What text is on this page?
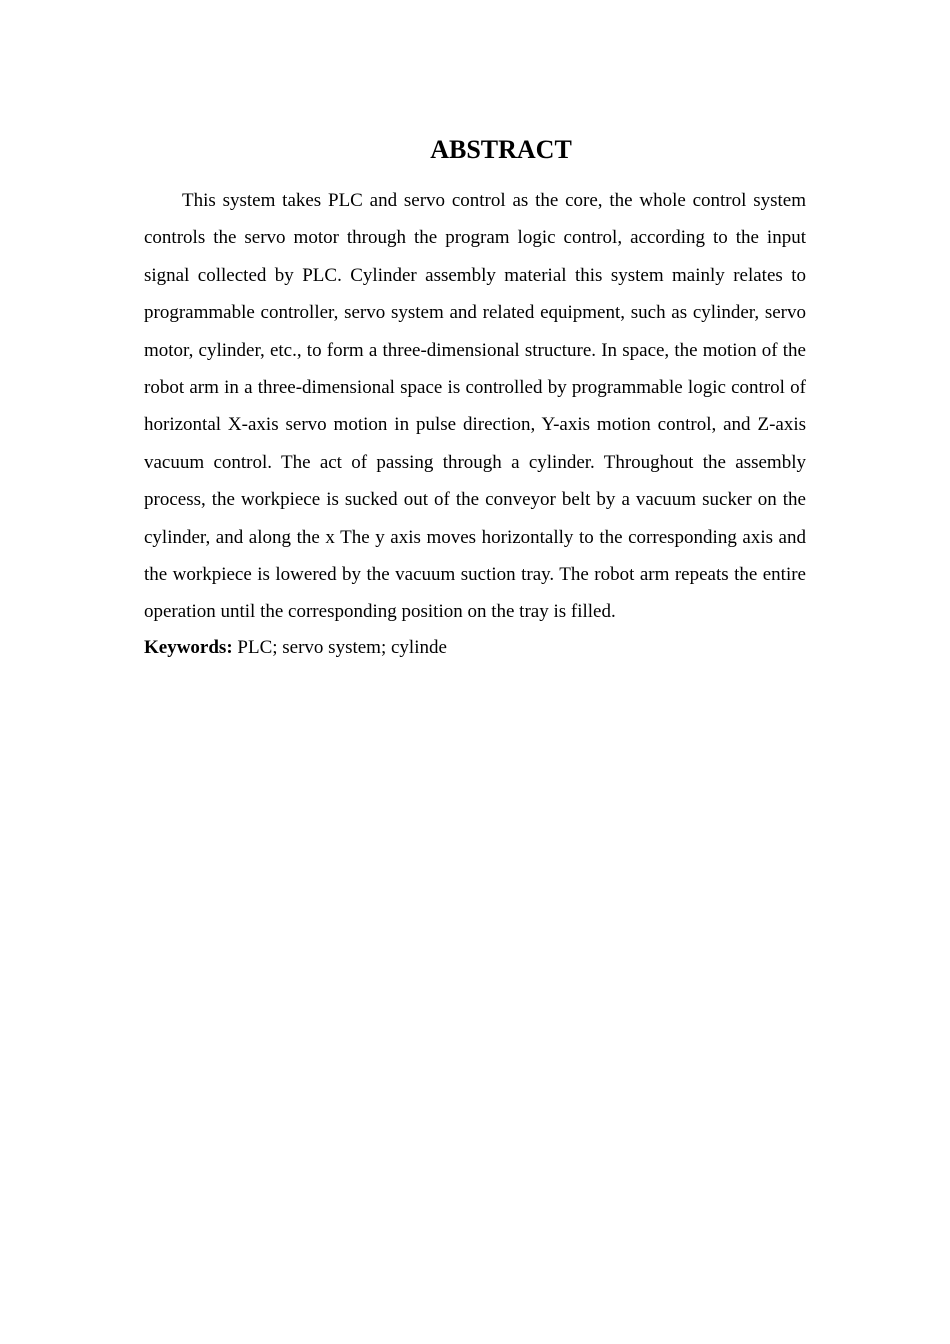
ABSTRACT

This system takes PLC and servo control as the core, the whole control system controls the servo motor through the program logic control, according to the input signal collected by PLC. Cylinder assembly material this system mainly relates to programmable controller, servo system and related equipment, such as cylinder, servo motor, cylinder, etc., to form a three-dimensional structure. In space, the motion of the robot arm in a three-dimensional space is controlled by programmable logic control of horizontal X-axis servo motion in pulse direction, Y-axis motion control, and Z-axis vacuum control. The act of passing through a cylinder. Throughout the assembly process, the workpiece is sucked out of the conveyor belt by a vacuum sucker on the cylinder, and along the x The y axis moves horizontally to the corresponding axis and the workpiece is lowered by the vacuum suction tray. The robot arm repeats the entire operation until the corresponding position on the tray is filled.

Keywords: PLC; servo system; cylinde
